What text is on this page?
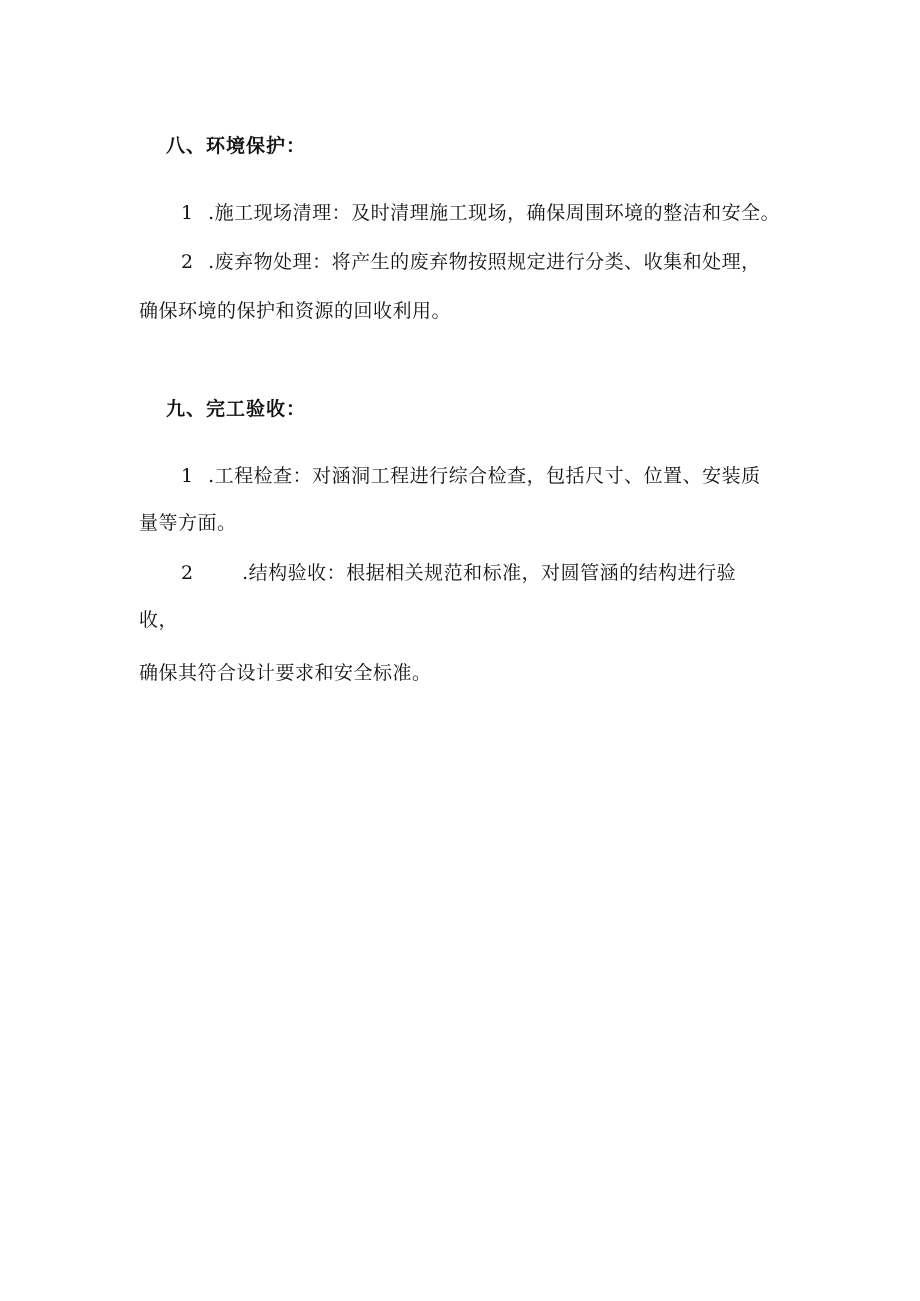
八、环境保护：
1 .施工现场清理：及时清理施工现场，确保周围环境的整洁和安全。
2 .废弃物处理：将产生的废弃物按照规定进行分类、收集和处理，
确保环境的保护和资源的回收利用。
九、完工验收：
1 .工程检查：对涵洞工程进行综合检查，包括尺寸、位置、安装质
量等方面。
2	.结构验收：根据相关规范和标准，对圆管涵的结构进行验
收，
确保其符合设计要求和安全标准。
